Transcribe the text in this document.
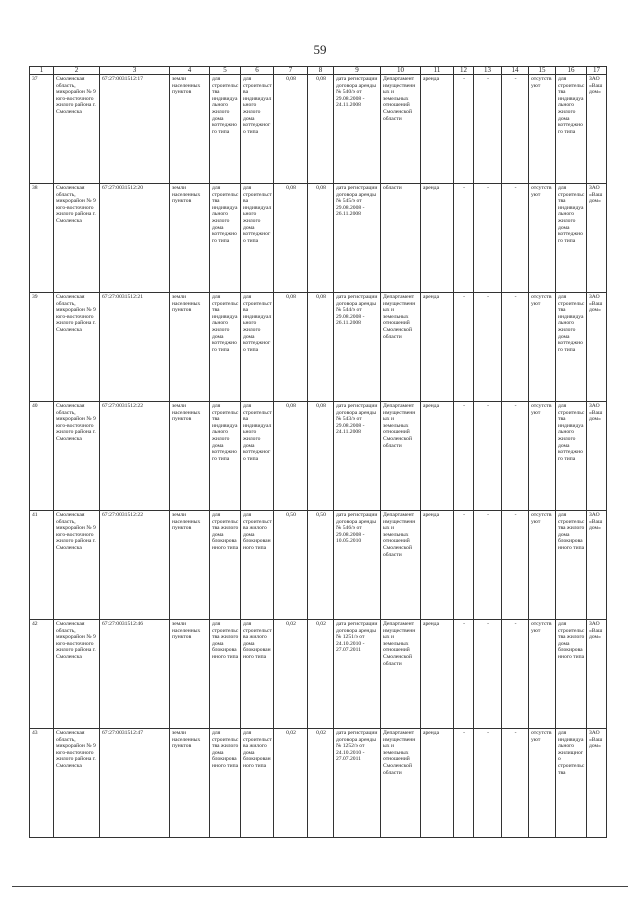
59
1	2	3	4	5	6	7	8	9	10	11	12	13	14	15	16	17
37	Смоленская область, микрорайон № 9 юго-восточного жилого района г. Смоленска	67:27:0031512:17	земли населенных пунктов	для строительства индивидуального жилого дома коттеджного типа	для строительства индивидуального жилого дома коттеджного типа	0,08	0,08	дата регистрации договора аренды № 540/э от 29.08.2008 - 24.11.2008	Департамент имущественных и земельных отношений Смоленской области	аренда	-	-	-	отсутствуют	для строительства индивидуального жилого дома коттеджного типа	ЗАО «Ваш дом»
38	Смоленская область, микрорайон № 9 юго-восточного жилого района г. Смоленска	67:27:0031512:20	земли населенных пунктов	для строительства индивидуального жилого дома коттеджного типа	для строительства индивидуального жилого дома коттеджного типа	0,08	0,08	дата регистрации договора аренды № 545/э от 29.08.2008 - 26.11.2008	области	аренда	-	-	-	отсутствуют	для строительства индивидуального жилого дома коттеджного типа	ЗАО «Ваш дом»
39	Смоленская область, микрорайон № 9 юго-восточного жилого района г. Смоленска	67:27:0031512:21	земли населенных пунктов	для строительства индивидуального жилого дома коттеджного типа	для строительства индивидуального жилого дома коттеджного типа	0,08	0,08	дата регистрации договора аренды № 544/э от 29.08.2008 - 26.11.2008	Департамент имущественных и земельных отношений Смоленской области	аренда	-	-	-	отсутствуют	для строительства индивидуального жилого дома коттеджного типа	ЗАО «Ваш дом»
40	Смоленская область, микрорайон № 9 юго-восточного жилого района г. Смоленска	67:27:0031512:22	земли населенных пунктов	для строительства индивидуального жилого дома коттеджного типа	для строительства индивидуального жилого дома коттеджного типа	0,08	0,08	дата регистрации договора аренды № 543/э от 29.08.2008 - 24.11.2008	Департамент имущественных и земельных отношений Смоленской области	аренда	-	-	-	отсутствуют	для строительства индивидуального жилого дома коттеджного типа	ЗАО «Ваш дом»
41	Смоленская область, микрорайон № 9 юго-восточного жилого района г. Смоленска	67:27:0031512:22	земли населенных пунктов	для строительства жилого дома блокированного типа	для строительства жилого дома блокированного типа	0,50	0,50	дата регистрации договора аренды № 546/э от 29.08.2008 - 10.05.2010	Департамент имущественных и земельных отношений Смоленской области	аренда	-	-	-	отсутствуют	для строительства жилого дома блокированного типа	ЗАО «Ваш дом»
42	Смоленская область, микрорайон № 9 юго-восточного жилого района г. Смоленска	67:27:0031512:46	земли населенных пунктов	для строительства жилого дома блокированного типа	для строительства жилого дома блокированного типа	0,02	0,02	дата регистрации договора аренды № 1251/э от 24.10.2010 - 27.07.2011	Департамент имущественных и земельных отношений Смоленской области	аренда	-	-	-	отсутствуют	для строительства жилого дома блокированного типа	ЗАО «Ваш дом»
43	Смоленская область, микрорайон № 9 юго-восточного жилого района г. Смоленска	67:27:0031512:47	земли населенных пунктов	для строительства жилого дома блокированного типа	для строительства жилого дома блокированного типа	0,02	0,02	дата регистрации договора аренды № 1252/э от 24.10.2010 - 27.07.2011	Департамент имущественных и земельных отношений Смоленской области	аренда	-	-	-	отсутствуют	для индивидуального жилищного строительства	ЗАО «Ваш дом»
